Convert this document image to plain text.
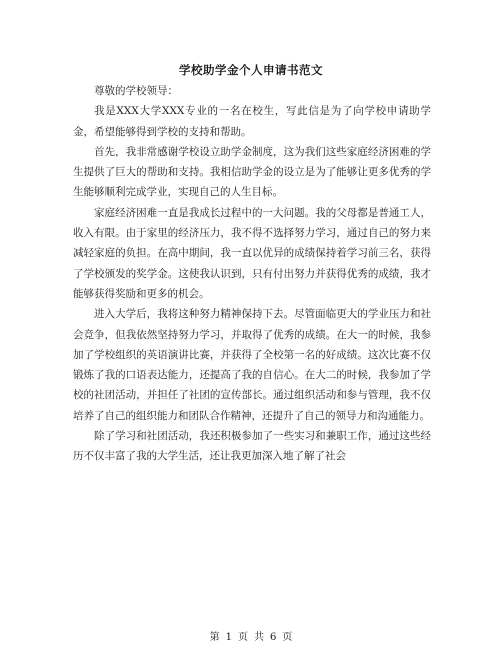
学校助学金个人申请书范文

尊敬的学校领导：

我是XXX大学XXX专业的一名在校生，写此信是为了向学校申请助学金，希望能够得到学校的支持和帮助。

首先，我非常感谢学校设立助学金制度，这为我们这些家庭经济困难的学生提供了巨大的帮助和支持。我相信助学金的设立是为了能够让更多优秀的学生能够顺利完成学业，实现自己的人生目标。

家庭经济困难一直是我成长过程中的一大问题。我的父母都是普通工人，收入有限。由于家里的经济压力，我不得不选择努力学习，通过自己的努力来减轻家庭的负担。在高中期间，我一直以优异的成绩保持着学习前三名，获得了学校颁发的奖学金。这使我认识到，只有付出努力并获得优秀的成绩，我才能够获得奖励和更多的机会。

进入大学后，我将这种努力精神保持下去。尽管面临更大的学业压力和社会竞争，但我依然坚持努力学习，并取得了优秀的成绩。在大一的时候，我参加了学校组织的英语演讲比赛，并获得了全校第一名的好成绩。这次比赛不仅锻炼了我的口语表达能力，还提高了我的自信心。在大二的时候，我参加了学校的社团活动，并担任了社团的宣传部长。通过组织活动和参与管理，我不仅培养了自己的组织能力和团队合作精神，还提升了自己的领导力和沟通能力。

除了学习和社团活动，我还积极参加了一些实习和兼职工作，通过这些经历不仅丰富了我的大学生活，还让我更加深入地了解了社会

第 1 页 共 6 页
